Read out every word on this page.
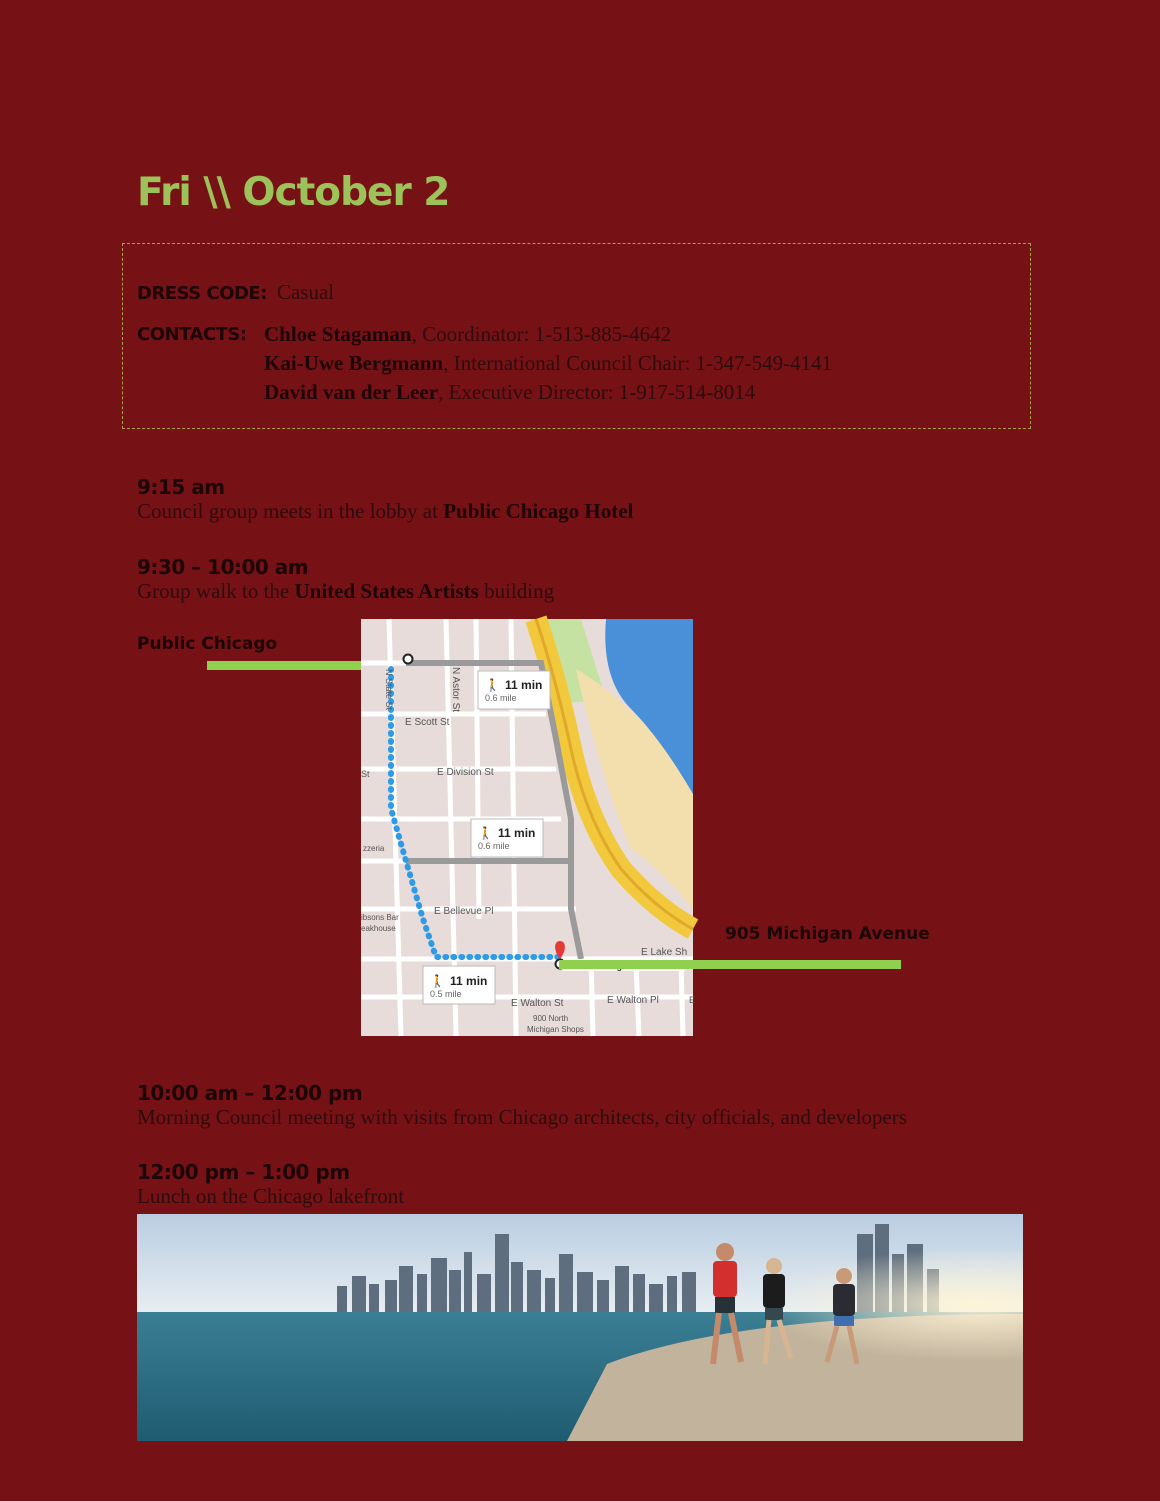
Fri \\ October 2
DRESS CODE: Casual
CONTACTS: Chloe Stagaman, Coordinator: 1-513-885-4642
Kai-Uwe Bergmann, International Council Chair: 1-347-549-4141
David van der Leer, Executive Director: 1-917-514-8014
9:15 am
Council group meets in the lobby at Public Chicago Hotel
9:30 – 10:00 am
Group walk to the United States Artists building
Public Chicago
905 Michigan Avenue
E Scott St
E Division St
E Bellevue Pl
E Lake Sh
E Walton St	E Walton Pl
zzeria
ibsons Bar
eakhouse
900 North
Michigan Shops
St
E
N Astor St
N State St	🚶 11 min
0.6 mile
🚶 11 min
0.6 mile
🚶 11 min
0.5 mile
10:00 am – 12:00 pm
Morning Council meeting with visits from Chicago architects, city officials, and developers
12:00 pm – 1:00 pm
Lunch on the Chicago lakefront
